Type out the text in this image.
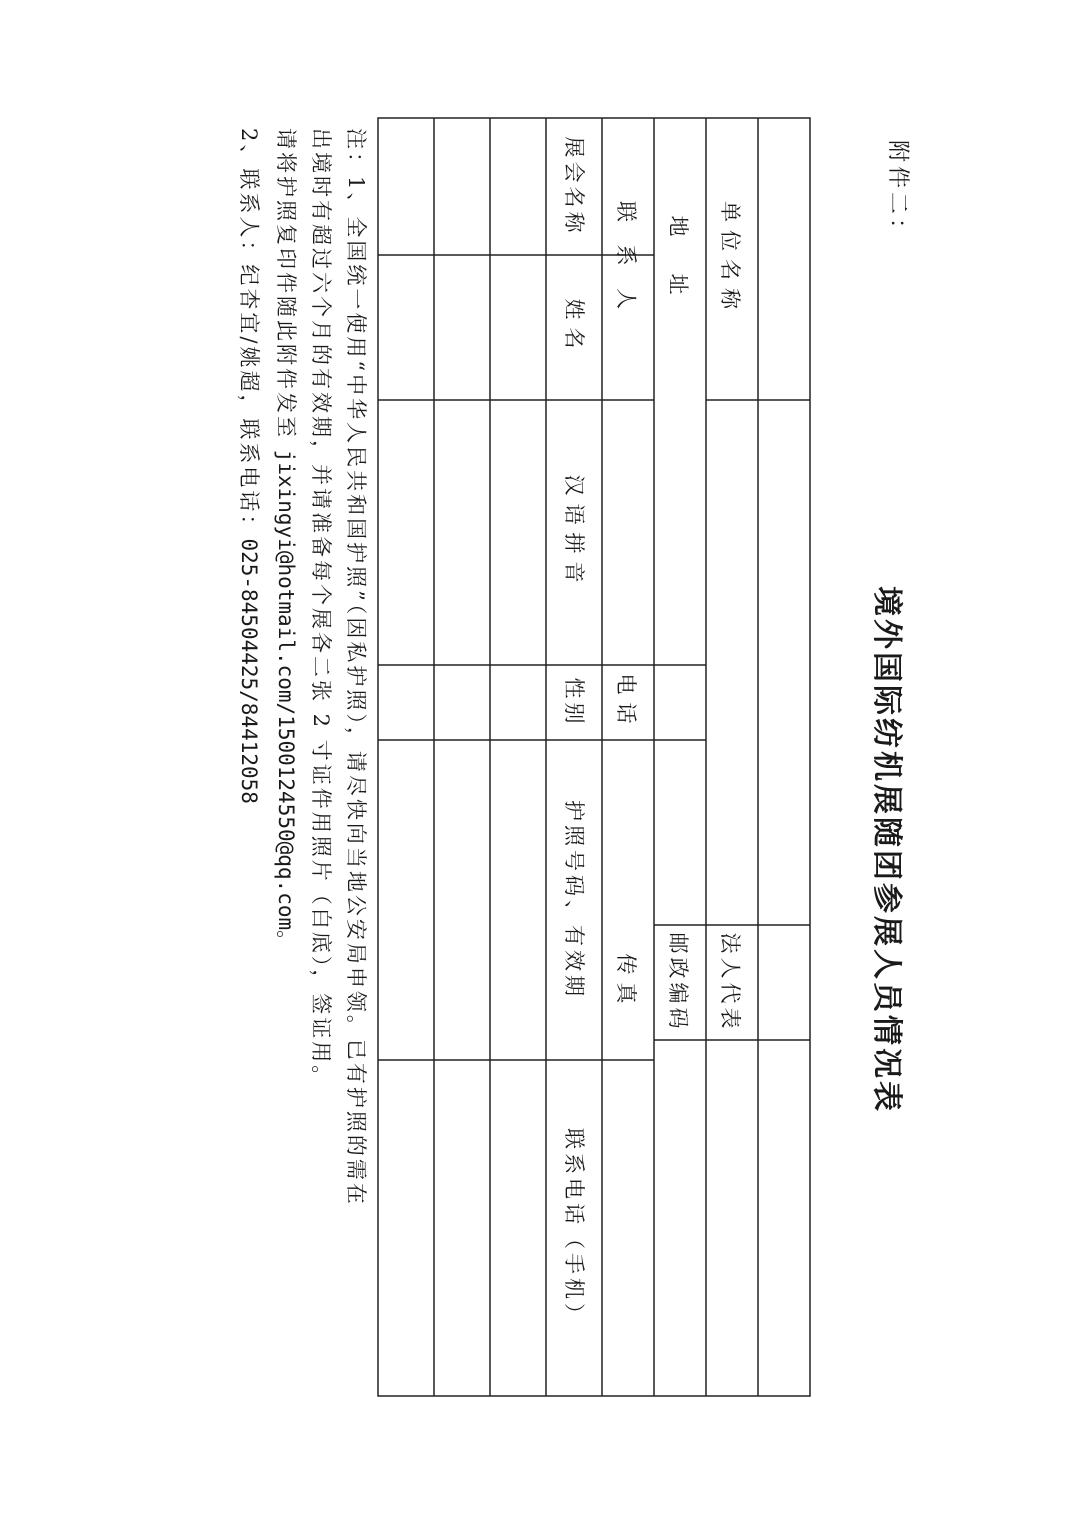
附件二：
境外国际纺机展随团参展人员情况表
单位名称
法人代表
地　址
邮政编码
联 系 人
电话
传真
展会名称
姓名
汉语拼音
性别
护照号码、有效期
联系电话（手机）
注：1、全国统一使用“中华人民共和国护照”（因私护照），请尽快向当地公安局申领。已有护照的需在
出境时有超过六个月的有效期，并请准备每个展各二张 2 寸证件用照片（白底），签证用。
请将护照复印件随此附件发至 jixingyi@hotmail.com/1500124550@qq.com。
2、联系人：纪杏宜/姚超，联系电话：025-84504425/84412058
